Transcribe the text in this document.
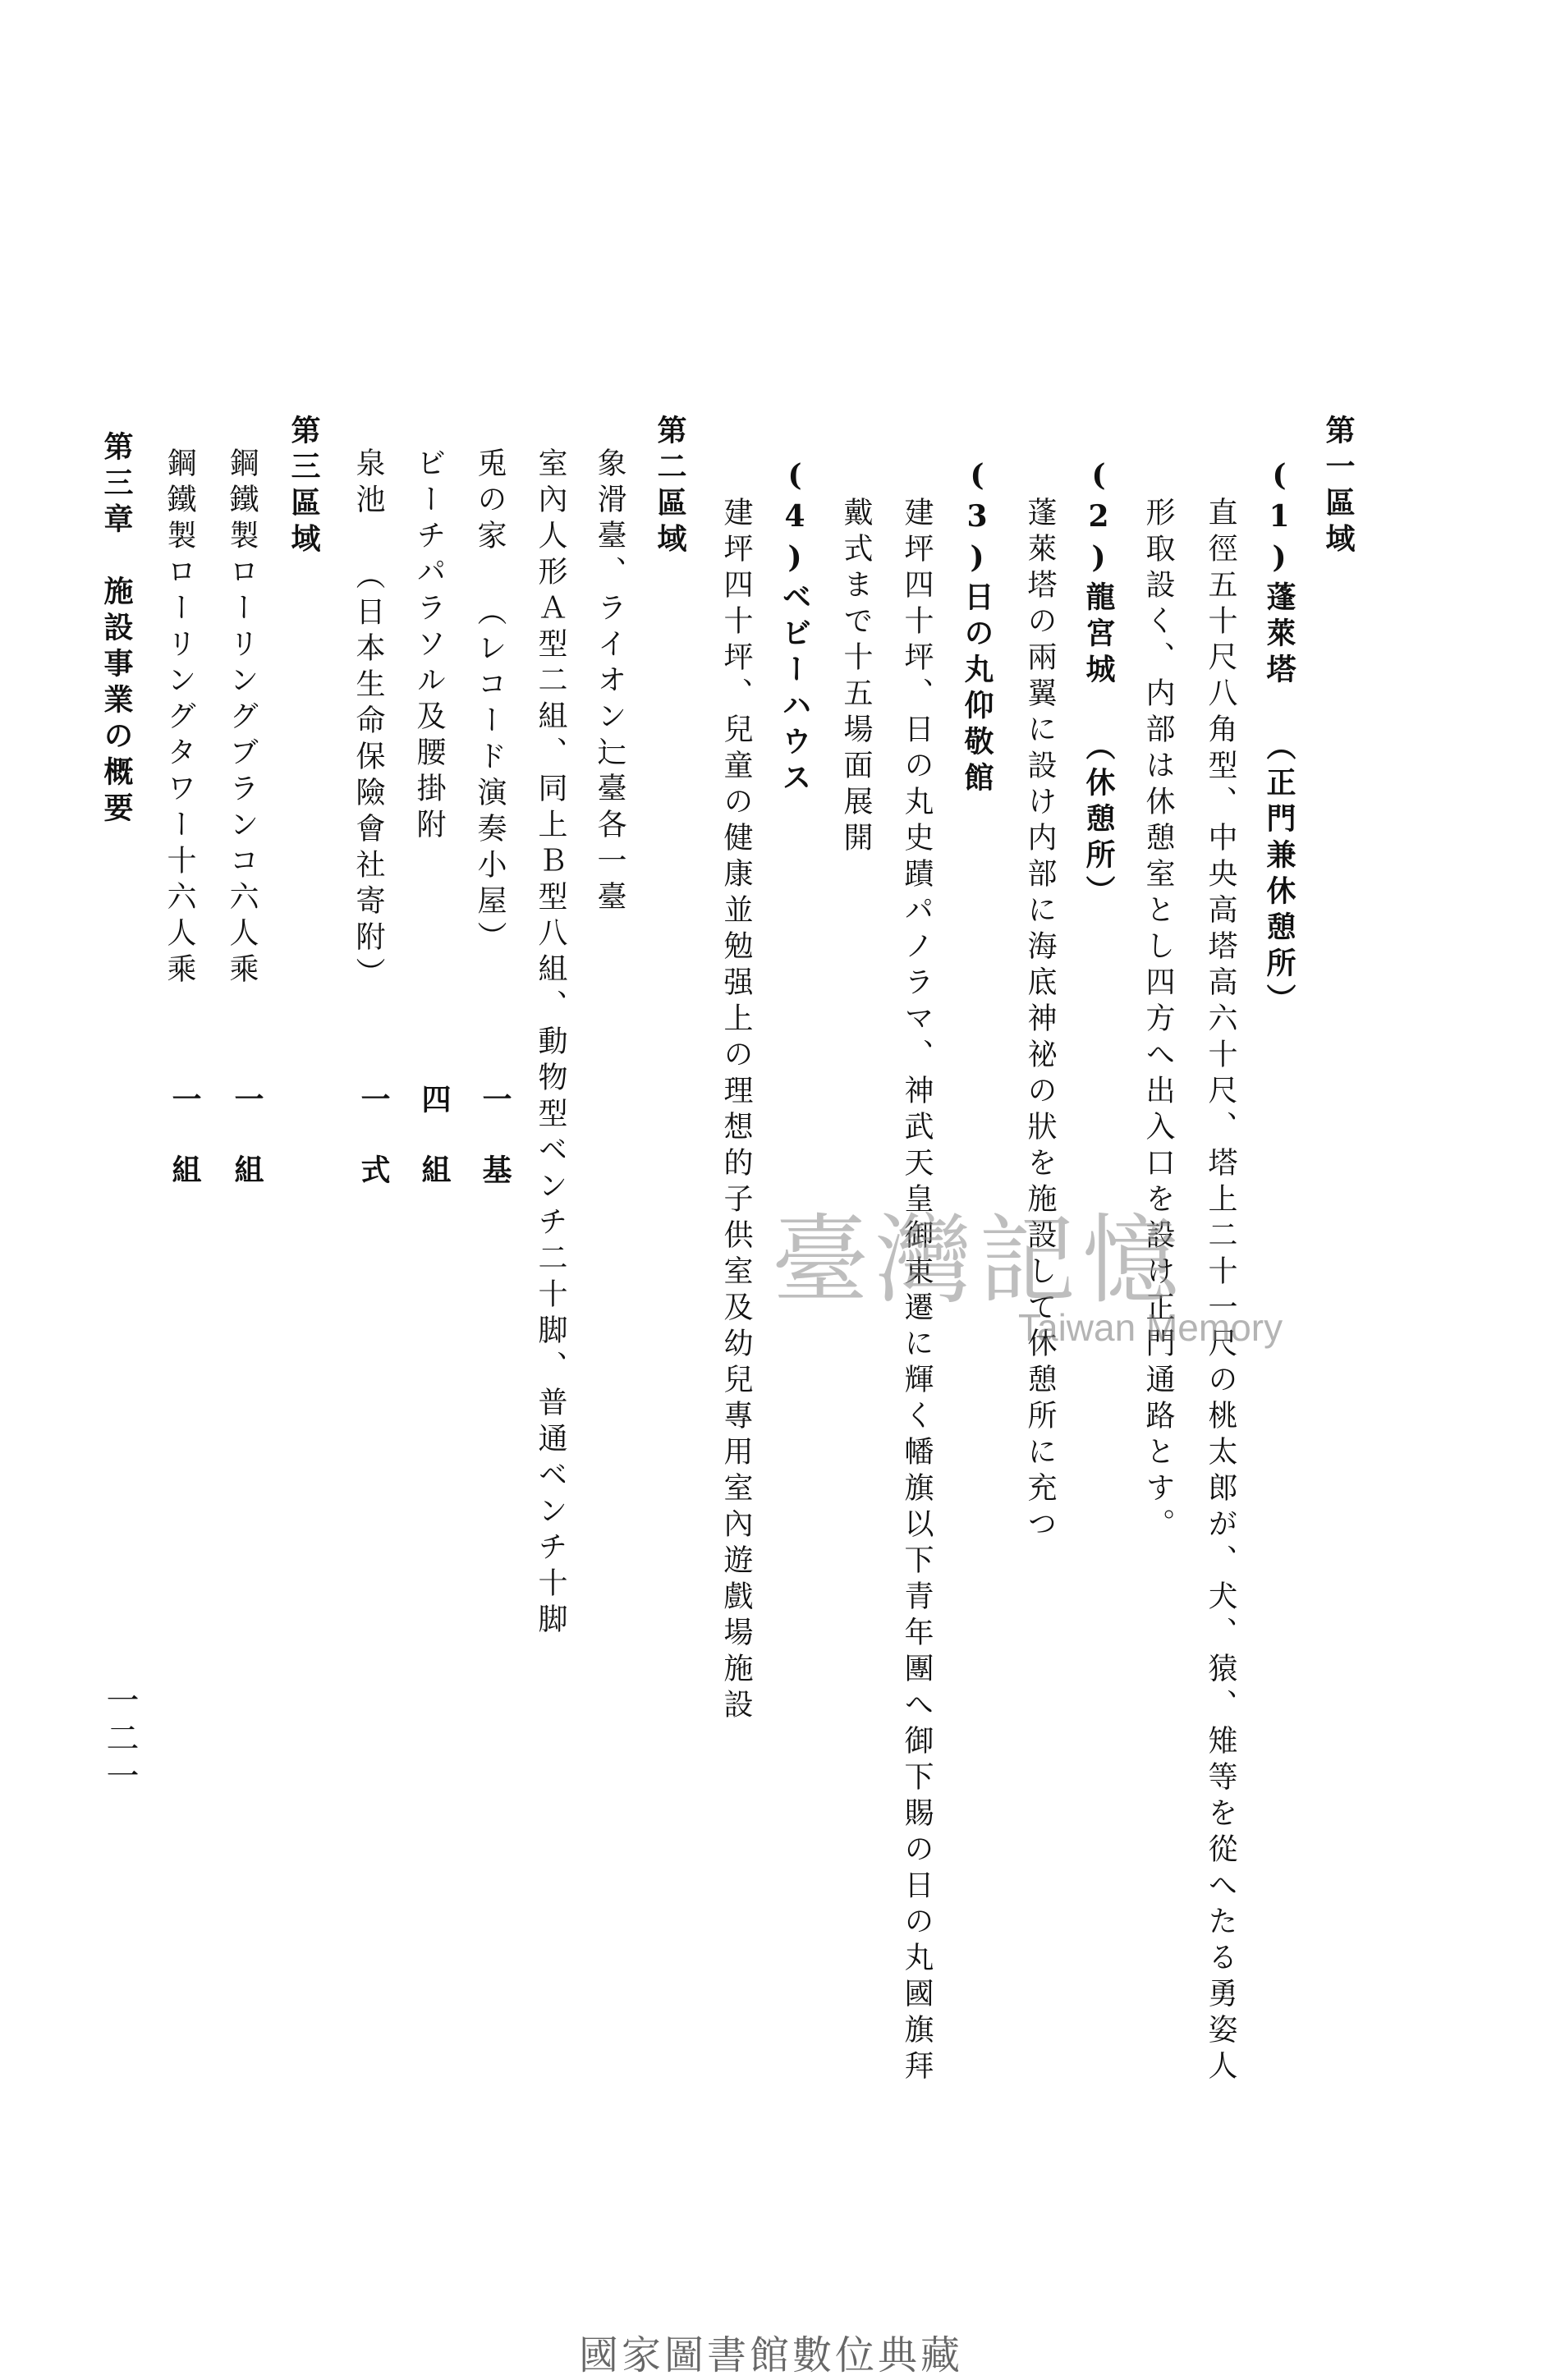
第一區域
(1)蓬萊塔 （正門兼休憩所）
直徑五十尺八角型、中央高塔高六十尺、塔上二十一尺の桃太郎が、犬、猿、雉等を從へたる勇姿人
形取設く、内部は休憩室とし四方へ出入口を設け正門通路とす。
(2)龍宮城 （休憩所）
蓬萊塔の兩翼に設け内部に海底神祕の狀を施設して休憩所に充つ
(3)日の丸仰敬館
建坪四十坪、日の丸史蹟パノラマ、神武天皇御東遷に輝く幡旗以下青年團へ御下賜の日の丸國旗拜
戴式まで十五場面展開
(4)ベビーハウス
建坪四十坪、兒童の健康並勉强上の理想的子供室及幼兒專用室內遊戲場施設
第二區域
象滑臺、ライオン辷臺各一臺
室內人形Ａ型二組、同上Ｂ型八組、動物型ベンチ二十脚、普通ベンチ十脚
兎の家 （レコード演奏小屋）
ビーチパラソル及腰掛附
泉池 （日本生命保險會社寄附）
第三區域
鋼鐵製ローリングブランコ六人乘
鋼鐵製ローリングタワー十六人乘
第三章　施設事業の概要
一基
四組
一式
一組
一組
一二一
臺灣記憶
Taiwan Memory
國家圖書館數位典藏
